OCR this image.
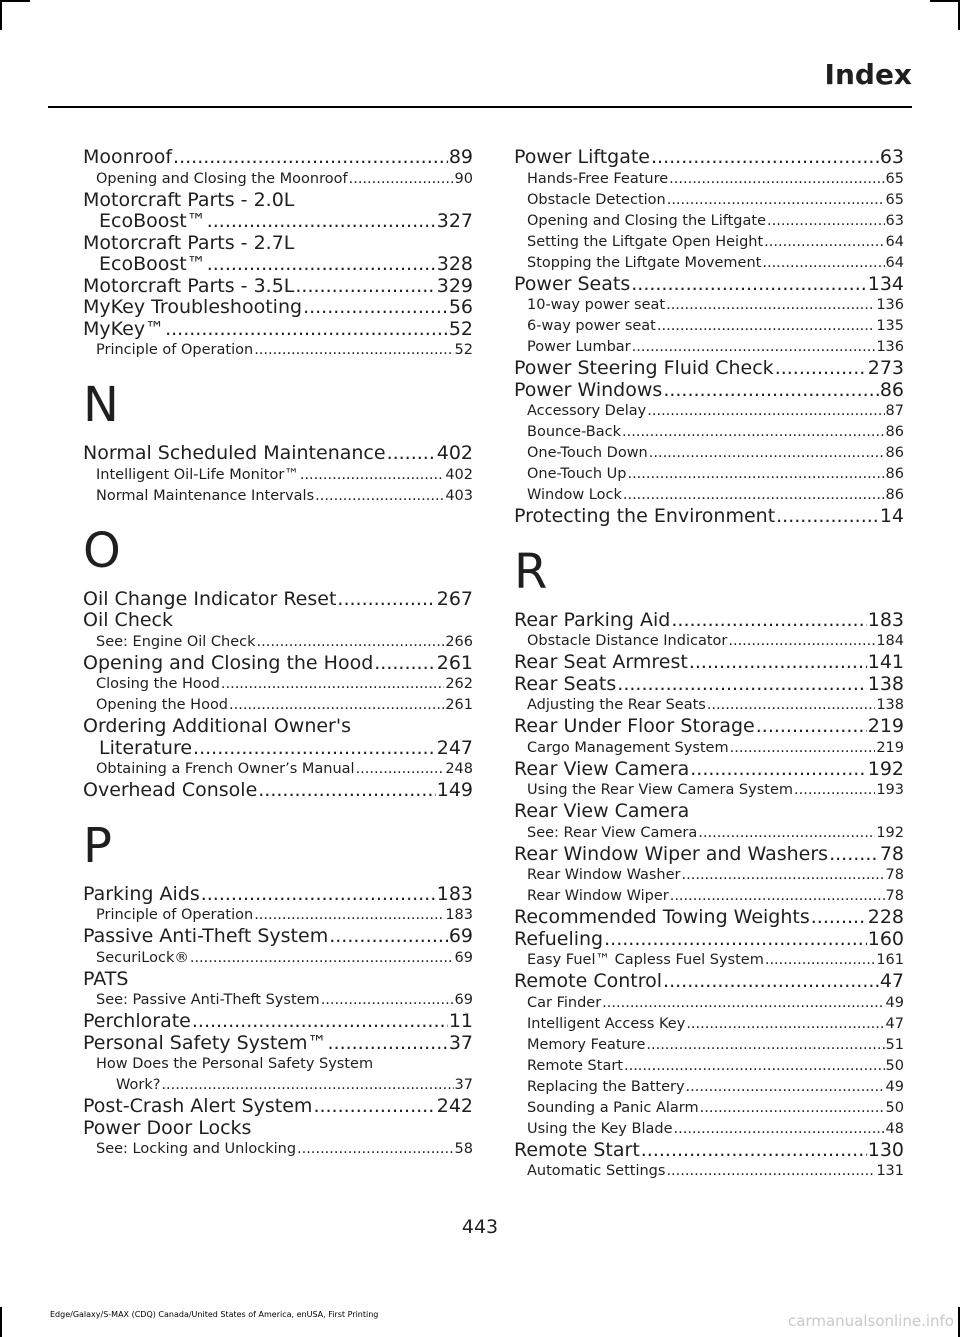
Index
Moonroof .....	89
Opening and Closing the Moonroof .....	90
Motorcraft Parts - 2.0L
EcoBoost™ .....	327
Motorcraft Parts - 2.7L
EcoBoost™ .....	328
Motorcraft Parts - 3.5L .....	329
MyKey Troubleshooting .....	56
MyKey™ .....	52
Principle of Operation .....	52
N
Normal Scheduled Maintenance .....	402
Intelligent Oil-Life Monitor™ .....	402
Normal Maintenance Intervals .....	403
O
Oil Change Indicator Reset .....	267
Oil Check
See: Engine Oil Check .....	266
Opening and Closing the Hood .....	261
Closing the Hood .....	262
Opening the Hood .....	261
Ordering Additional Owner's
Literature .....	247
Obtaining a French Owner’s Manual .....	248
Overhead Console .....	149
P
Parking Aids .....	183
Principle of Operation .....	183
Passive Anti-Theft System .....	69
SecuriLock® .....	69
PATS
See: Passive Anti-Theft System .....	69
Perchlorate .....	11
Personal Safety System™ .....	37
How Does the Personal Safety System
Work? .....	37
Post-Crash Alert System .....	242
Power Door Locks
See: Locking and Unlocking .....	58
Power Liftgate .....	63
Hands-Free Feature .....	65
Obstacle Detection .....	65
Opening and Closing the Liftgate .....	63
Setting the Liftgate Open Height .....	64
Stopping the Liftgate Movement .....	64
Power Seats .....	134
10-way power seat .....	136
6-way power seat .....	135
Power Lumbar .....	136
Power Steering Fluid Check .....	273
Power Windows .....	86
Accessory Delay .....	87
Bounce-Back .....	86
One-Touch Down .....	86
One-Touch Up .....	86
Window Lock .....	86
Protecting the Environment .....	14
R
Rear Parking Aid .....	183
Obstacle Distance Indicator .....	184
Rear Seat Armrest .....	141
Rear Seats .....	138
Adjusting the Rear Seats .....	138
Rear Under Floor Storage .....	219
Cargo Management System .....	219
Rear View Camera .....	192
Using the Rear View Camera System .....	193
Rear View Camera
See: Rear View Camera .....	192
Rear Window Wiper and Washers .....	78
Rear Window Washer .....	78
Rear Window Wiper .....	78
Recommended Towing Weights .....	228
Refueling .....	160
Easy Fuel™ Capless Fuel System .....	161
Remote Control .....	47
Car Finder .....	49
Intelligent Access Key .....	47
Memory Feature .....	51
Remote Start .....	50
Replacing the Battery .....	49
Sounding a Panic Alarm .....	50
Using the Key Blade .....	48
Remote Start .....	130
Automatic Settings .....	131
443
Edge/Galaxy/S-MAX (CDQ) Canada/United States of America, enUSA, First Printing	carmanualsonline.info
